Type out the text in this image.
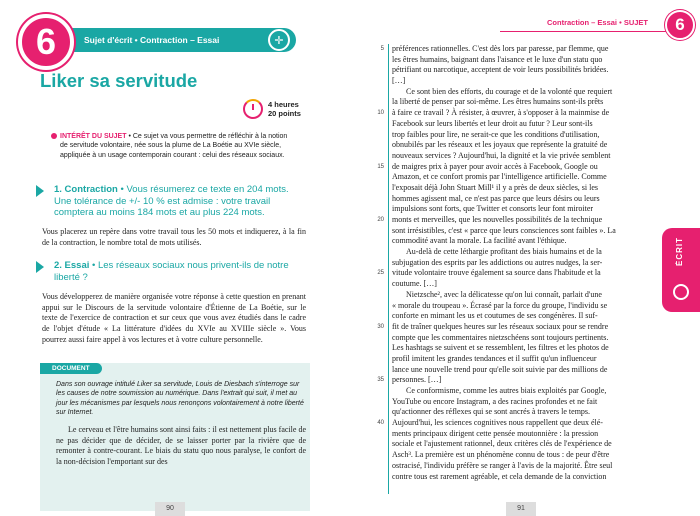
Sujet d'écrit • Contraction – Essai	✛
6
Liker sa servitude
4 heures
20 points
INTÉRÊT DU SUJET • Ce sujet va vous permettre de réfléchir à la notion de servitude volontaire, née sous la plume de La Boétie au XVIe siècle, appliquée à un usage contemporain courant : celui des réseaux sociaux.
1. Contraction • Vous résumerez ce texte en 204 mots. Une tolérance de +/- 10 % est admise : votre travail comptera au moins 184 mots et au plus 224 mots.
Vous placerez un repère dans votre travail tous les 50 mots et indiquerez, à la fin de la contraction, le nombre total de mots utilisés.
2. Essai • Les réseaux sociaux nous privent-ils de notre liberté ?
Vous développerez de manière organisée votre réponse à cette question en prenant appui sur le Discours de la servitude volontaire d'Étienne de La Boétie, sur le texte de l'exercice de contraction et sur ceux que vous avez étudiés dans le cadre de l'objet d'étude « La littérature d'idées du XVIe au XVIIIe siècle ». Vous pourrez aussi faire appel à vos lectures et à votre culture personnelle.
DOCUMENT
Dans son ouvrage intitulé Liker sa servitude, Louis de Diesbach s'interroge sur les causes de notre soumission au numérique. Dans l'extrait qui suit, il met au jour les mécanismes par lesquels nous renonçons volontairement à notre liberté sur Internet.
Le cerveau et l'être humains sont ainsi faits : il est nettement plus facile de ne pas décider que de décider, de se laisser porter par la rivière que de remonter à contre-courant. Le biais du statu quo nous paralyse, le confort de la non-décision l'emportant sur des
90
Contraction – Essai • SUJET	6
5 préférences rationnelles. C'est dès lors par paresse, par flemme, que
les êtres humains, baignant dans l'aisance et le luxe d'un statu quo
pétrifiant ou narcotique, acceptent de voir leurs possibilités bridées.
[…]
Ce sont bien des efforts, du courage et de la volonté que requiert
la liberté de penser par soi-même. Les êtres humains sont-ils prêts
10 à faire ce travail ? À résister, à œuvrer, à s'opposer à la mainmise de
Facebook sur leurs libertés et leur droit au futur ? Leur sont-ils
trop faibles pour lire, ne serait-ce que les conditions d'utilisation,
obnubilés par les réseaux et les joyaux que représente la gratuité de
nouveaux services ? Aujourd'hui, la dignité et la vie privée semblent
15 de maigres prix à payer pour avoir accès à Facebook, Google ou
Amazon, et ce confort promis par l'intelligence artificielle. Comme
l'exposait déjà John Stuart Mill¹ il y a près de deux siècles, si les
hommes agissent mal, ce n'est pas parce que leurs désirs ou leurs
impulsions sont forts, que Twitter et consorts leur font miroiter
20 monts et merveilles, que les nouvelles possibilités de la technique
sont irrésistibles, c'est « parce que leurs consciences sont faibles ». La
commodité avant la morale. La facilité avant l'éthique.
Au-delà de cette léthargie profitant des biais humains et de la
subjugation des esprits par les addictions ou autres nudges, la ser-
25 vitude volontaire trouve également sa source dans l'habitude et la
coutume. […]
Nietzsche², avec la délicatesse qu'on lui connaît, parlait d'une
« morale du troupeau ». Écrasé par la force du groupe, l'individu se
conforte en mimant les us et coutumes de ses congénères. Il suf-
30 fit de traîner quelques heures sur les réseaux sociaux pour se rendre
compte que les commentaires nietzschéens sont toujours pertinents.
Les hashtags se suivent et se ressemblent, les filtres et les photos de
profil imitent les grandes tendances et il suffit qu'un influenceur
lance une nouvelle trend pour qu'elle soit suivie par des millions de
35 personnes. […]
Ce conformisme, comme les autres biais exploités par Google,
YouTube ou encore Instagram, a des racines profondes et ne fait
qu'actionner des réflexes qui se sont ancrés à travers le temps.
40 Aujourd'hui, les sciences cognitives nous rappellent que deux élé-
ments principaux dirigent cette pensée moutonnière : la pression
sociale et l'ajustement rationnel, deux critères clés de l'expérience de
Asch³. La première est un phénomène connu de tous : de peur d'être
ostracisé, l'individu préfère se ranger à l'avis de la majorité. Être seul
contre tous est rarement agréable, et cela demande de la conviction
ÉCRIT
91
